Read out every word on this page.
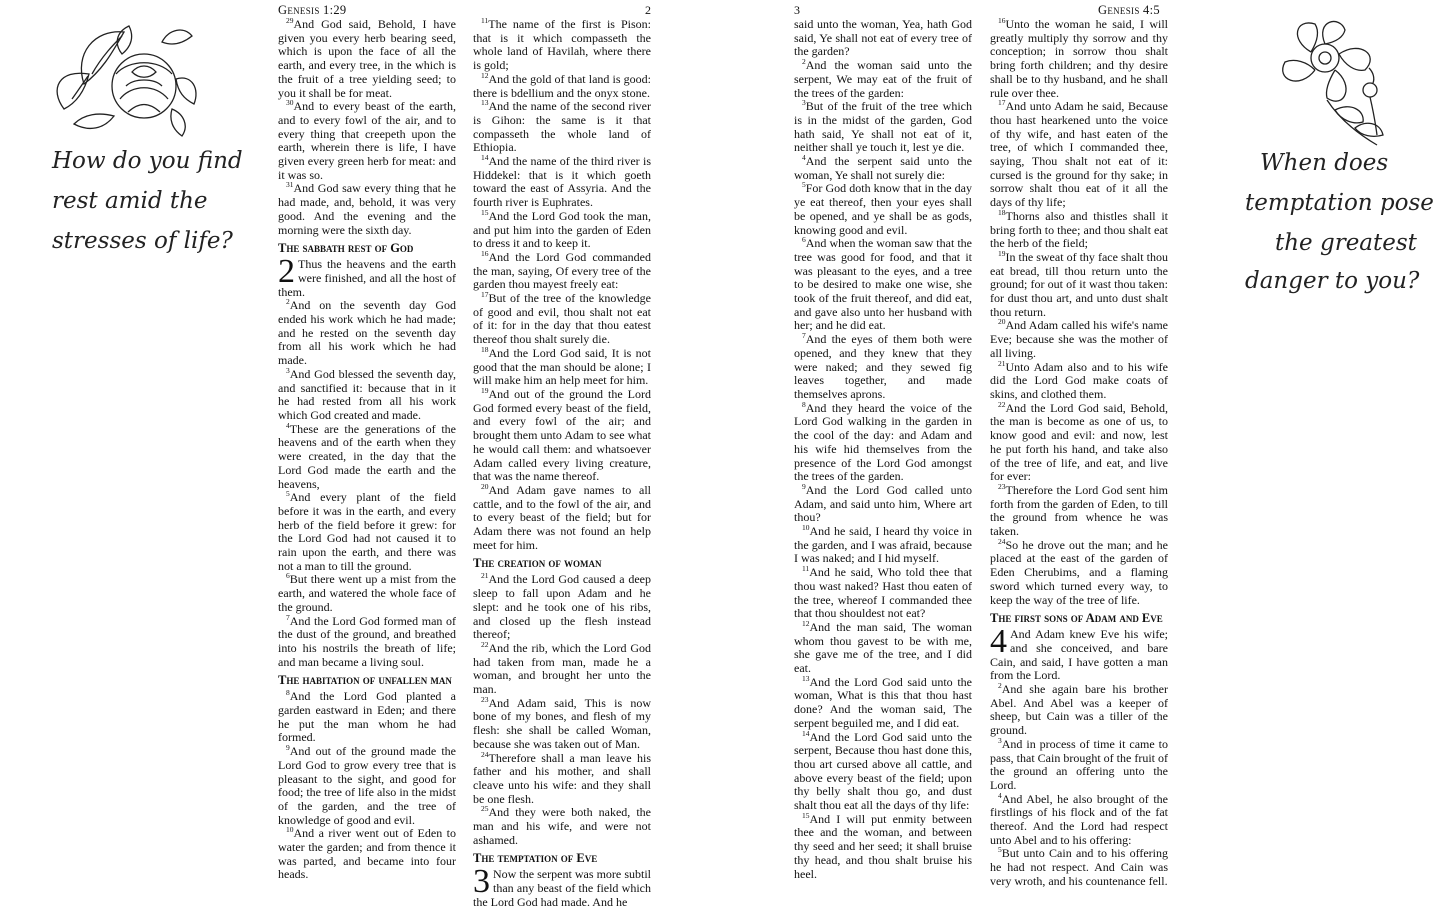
How do you find
rest amid the
stresses of life?
Genesis 1:29	2

$^{29}$And God said, Behold, I have given you every herb bearing seed, which is upon the face of all the earth, and every tree, in the which is the fruit of a tree yielding seed; to you it shall be for meat.

$^{30}$And to every beast of the earth, and to every fowl of the air, and to every thing that creepeth upon the earth, wherein there is life, I have given every green herb for meat: and it was so.

$^{31}$And God saw every thing that he had made, and, behold, it was very good. And the evening and the morning were the sixth day.

The sabbath rest of God

2 Thus the heavens and the earth were finished, and all the host of them.

$^2$And on the seventh day God ended his work which he had made; and he rested on the seventh day from all his work which he had made.

$^3$And God blessed the seventh day, and sanctified it: because that in it he had rested from all his work which God created and made.

$^4$These are the generations of the heavens and of the earth when they were created, in the day that the Lord God made the earth and the heavens,

$^5$And every plant of the field before it was in the earth, and every herb of the field before it grew: for the Lord God had not caused it to rain upon the earth, and there was not a man to till the ground.

$^6$But there went up a mist from the earth, and watered the whole face of the ground.

$^7$And the Lord God formed man of the dust of the ground, and breathed into his nostrils the breath of life; and man became a living soul.

The habitation of unfallen man

$^8$And the Lord God planted a garden eastward in Eden; and there he put the man whom he had formed.

$^9$And out of the ground made the Lord God to grow every tree that is pleasant to the sight, and good for food; the tree of life also in the midst of the garden, and the tree of knowledge of good and evil.

$^{10}$And a river went out of Eden to water the garden; and from thence it was parted, and became into four heads.

$^{11}$The name of the first is Pison: that is it which compasseth the whole land of Havilah, where there is gold;

$^{12}$And the gold of that land is good: there is bdellium and the onyx stone.

$^{13}$And the name of the second river is Gihon: the same is it that compasseth the whole land of Ethiopia.

$^{14}$And the name of the third river is Hiddekel: that is it which goeth toward the east of Assyria. And the fourth river is Euphrates.

$^{15}$And the Lord God took the man, and put him into the garden of Eden to dress it and to keep it.

$^{16}$And the Lord God commanded the man, saying, Of every tree of the garden thou mayest freely eat:

$^{17}$But of the tree of the knowledge of good and evil, thou shalt not eat of it: for in the day that thou eatest thereof thou shalt surely die.

$^{18}$And the Lord God said, It is not good that the man should be alone; I will make him an help meet for him.

$^{19}$And out of the ground the Lord God formed every beast of the field, and every fowl of the air; and brought them unto Adam to see what he would call them: and whatsoever Adam called every living creature, that was the name thereof.

$^{20}$And Adam gave names to all cattle, and to the fowl of the air, and to every beast of the field; but for Adam there was not found an help meet for him.

The creation of woman

$^{21}$And the Lord God caused a deep sleep to fall upon Adam and he slept: and he took one of his ribs, and closed up the flesh instead thereof;

$^{22}$And the rib, which the Lord God had taken from man, made he a woman, and brought her unto the man.

$^{23}$And Adam said, This is now bone of my bones, and flesh of my flesh: she shall be called Woman, because she was taken out of Man.

$^{24}$Therefore shall a man leave his father and his mother, and shall cleave unto his wife: and they shall be one flesh.

$^{25}$And they were both naked, the man and his wife, and were not ashamed.

The temptation of Eve

3 Now the serpent was more subtil than any beast of the field which the Lord God had made. And he

3	Genesis 4:5

said unto the woman, Yea, hath God said, Ye shall not eat of every tree of the garden?

$^2$And the woman said unto the serpent, We may eat of the fruit of the trees of the garden:

$^3$But of the fruit of the tree which is in the midst of the garden, God hath said, Ye shall not eat of it, neither shall ye touch it, lest ye die.

$^4$And the serpent said unto the woman, Ye shall not surely die:

$^5$For God doth know that in the day ye eat thereof, then your eyes shall be opened, and ye shall be as gods, knowing good and evil.

$^6$And when the woman saw that the tree was good for food, and that it was pleasant to the eyes, and a tree to be desired to make one wise, she took of the fruit thereof, and did eat, and gave also unto her husband with her; and he did eat.

$^7$And the eyes of them both were opened, and they knew that they were naked; and they sewed fig leaves together, and made themselves aprons.

$^8$And they heard the voice of the Lord God walking in the garden in the cool of the day: and Adam and his wife hid themselves from the presence of the Lord God amongst the trees of the garden.

$^9$And the Lord God called unto Adam, and said unto him, Where art thou?

$^{10}$And he said, I heard thy voice in the garden, and I was afraid, because I was naked; and I hid myself.

$^{11}$And he said, Who told thee that thou wast naked? Hast thou eaten of the tree, whereof I commanded thee that thou shouldest not eat?

$^{12}$And the man said, The woman whom thou gavest to be with me, she gave me of the tree, and I did eat.

$^{13}$And the Lord God said unto the woman, What is this that thou hast done? And the woman said, The serpent beguiled me, and I did eat.

$^{14}$And the Lord God said unto the serpent, Because thou hast done this, thou art cursed above all cattle, and above every beast of the field; upon thy belly shalt thou go, and dust shalt thou eat all the days of thy life:

$^{15}$And I will put enmity between thee and the woman, and between thy seed and her seed; it shall bruise thy head, and thou shalt bruise his heel.

$^{16}$Unto the woman he said, I will greatly multiply thy sorrow and thy conception; in sorrow thou shalt bring forth children; and thy desire shall be to thy husband, and he shall rule over thee.

$^{17}$And unto Adam he said, Because thou hast hearkened unto the voice of thy wife, and hast eaten of the tree, of which I commanded thee, saying, Thou shalt not eat of it: cursed is the ground for thy sake; in sorrow shalt thou eat of it all the days of thy life;

$^{18}$Thorns also and thistles shall it bring forth to thee; and thou shalt eat the herb of the field;

$^{19}$In the sweat of thy face shalt thou eat bread, till thou return unto the ground; for out of it wast thou taken: for dust thou art, and unto dust shalt thou return.

$^{20}$And Adam called his wife's name Eve; because she was the mother of all living.

$^{21}$Unto Adam also and to his wife did the Lord God make coats of skins, and clothed them.

$^{22}$And the Lord God said, Behold, the man is become as one of us, to know good and evil: and now, lest he put forth his hand, and take also of the tree of life, and eat, and live for ever:

$^{23}$Therefore the Lord God sent him forth from the garden of Eden, to till the ground from whence he was taken.

$^{24}$So he drove out the man; and he placed at the east of the garden of Eden Cherubims, and a flaming sword which turned every way, to keep the way of the tree of life.

The first sons of Adam and Eve

4 And Adam knew Eve his wife; and she conceived, and bare Cain, and said, I have gotten a man from the Lord.

$^2$And she again bare his brother Abel. And Abel was a keeper of sheep, but Cain was a tiller of the ground.

$^3$And in process of time it came to pass, that Cain brought of the fruit of the ground an offering unto the Lord.

$^4$And Abel, he also brought of the firstlings of his flock and of the fat thereof. And the Lord had respect unto Abel and to his offering:

$^5$But unto Cain and to his offering he had not respect. And Cain was very wroth, and his countenance fell.

When does
temptation pose
the greatest
danger to you?
